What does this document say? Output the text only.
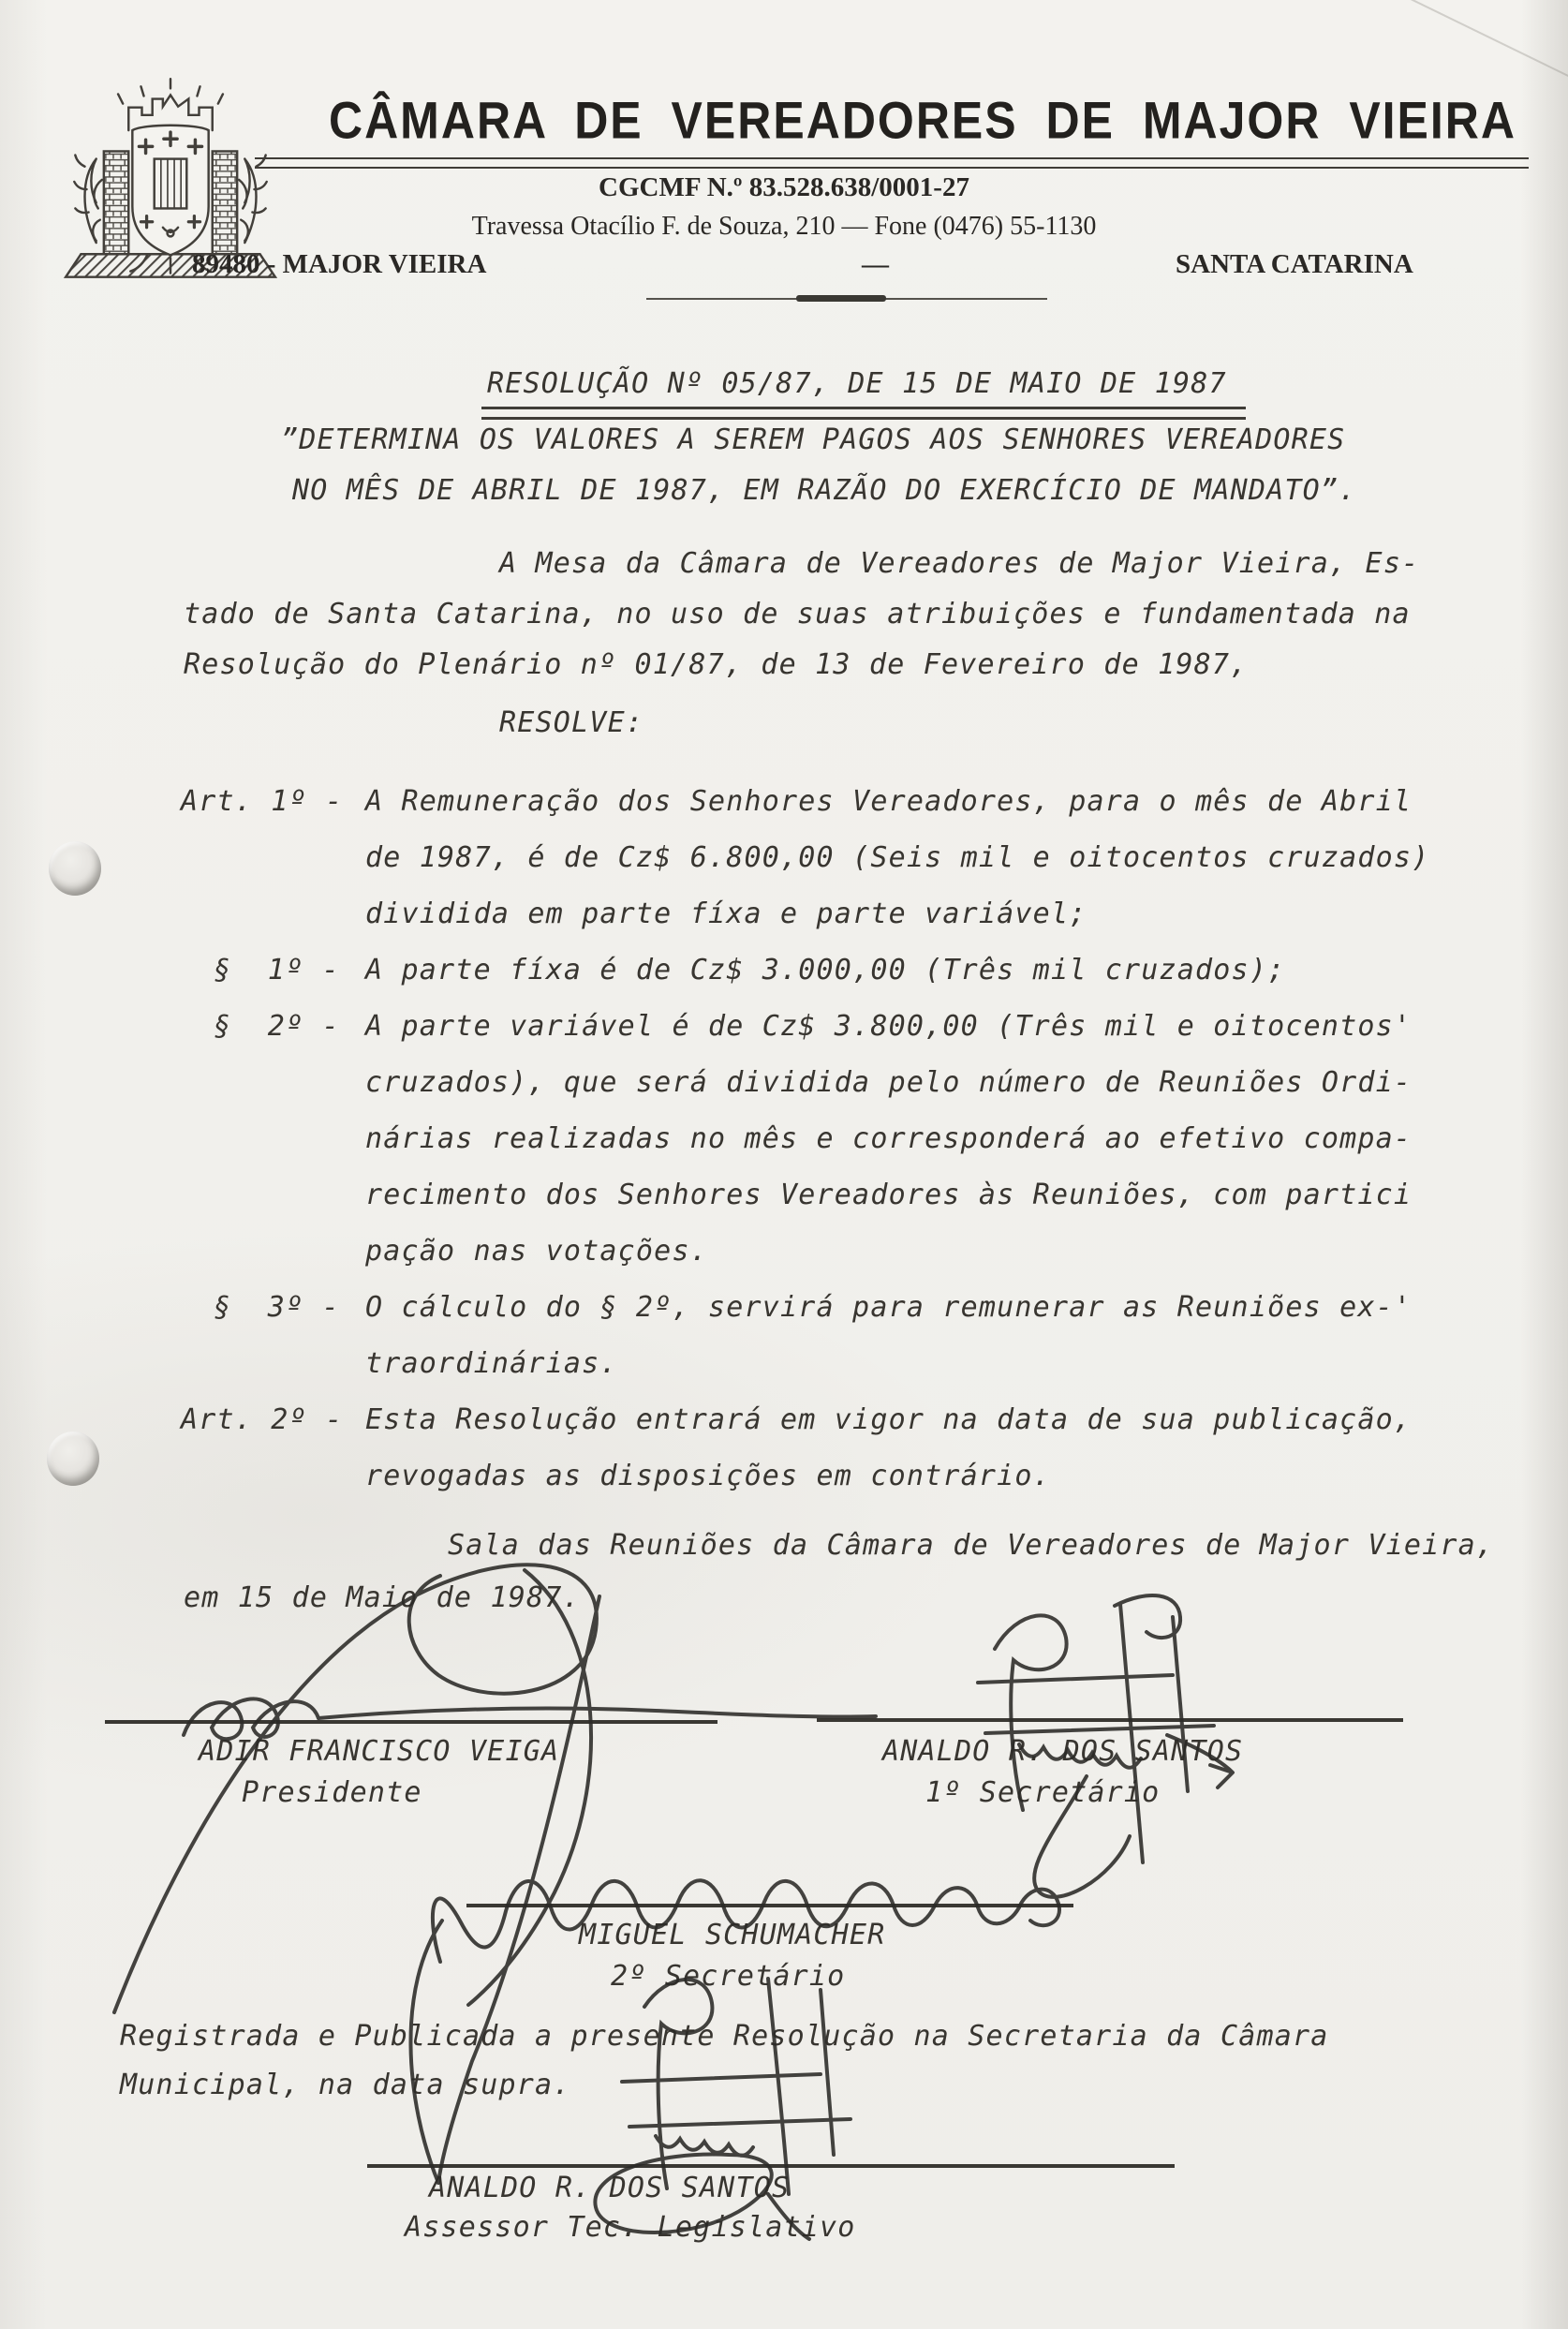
CÂMARA DE VEREADORES DE MAJOR VIEIRA
CGCMF N.º 83.528.638/0001-27
Travessa Otacílio F. de Souza, 210 — Fone (0476) 55-1130
89480 - MAJOR VIEIRA	—	SANTA CATARINA
RESOLUÇÃO Nº 05/87, DE 15 DE MAIO DE 1987
”DETERMINA OS VALORES A SEREM PAGOS AOS SENHORES VEREADORES
NO MÊS DE ABRIL DE 1987, EM RAZÃO DO EXERCÍCIO DE MANDATO”.
A Mesa da Câmara de Vereadores de Major Vieira, Es-
tado de Santa Catarina, no uso de suas atribuições e fundamentada na
Resolução do Plenário nº 01/87, de 13 de Fevereiro de 1987,
RESOLVE:
Art. 1º - A Remuneração dos Senhores Vereadores, para o mês de Abril
de 1987, é de Cz$ 6.800,00 (Seis mil e oitocentos cruzados)
dividida em parte fíxa e parte variável;
§  1º - A parte fíxa é de Cz$ 3.000,00 (Três mil cruzados);
§  2º - A parte variável é de Cz$ 3.800,00 (Três mil e oitocentos'
cruzados), que será dividida pelo número de Reuniões Ordi-
nárias realizadas no mês e corresponderá ao efetivo compa-
recimento dos Senhores Vereadores às Reuniões, com partici
pação nas votações.
§  3º - O cálculo do § 2º, servirá para remunerar as Reuniões ex-'
traordinárias.
Art. 2º - Esta Resolução entrará em vigor na data de sua publicação,
revogadas as disposições em contrário.
Sala das Reuniões da Câmara de Vereadores de Major Vieira,
em 15 de Maio de 1987.
ADIR FRANCISCO VEIGA
Presidente
ANALDO R. DOS SANTOS
1º Secretário
MIGUEL SCHUMACHER
2º Secretário
Registrada e Publicada a presente Resolução na Secretaria da Câmara
Municipal, na data supra.
ANALDO R. DOS SANTOS
Assessor Tec. Legislativo
